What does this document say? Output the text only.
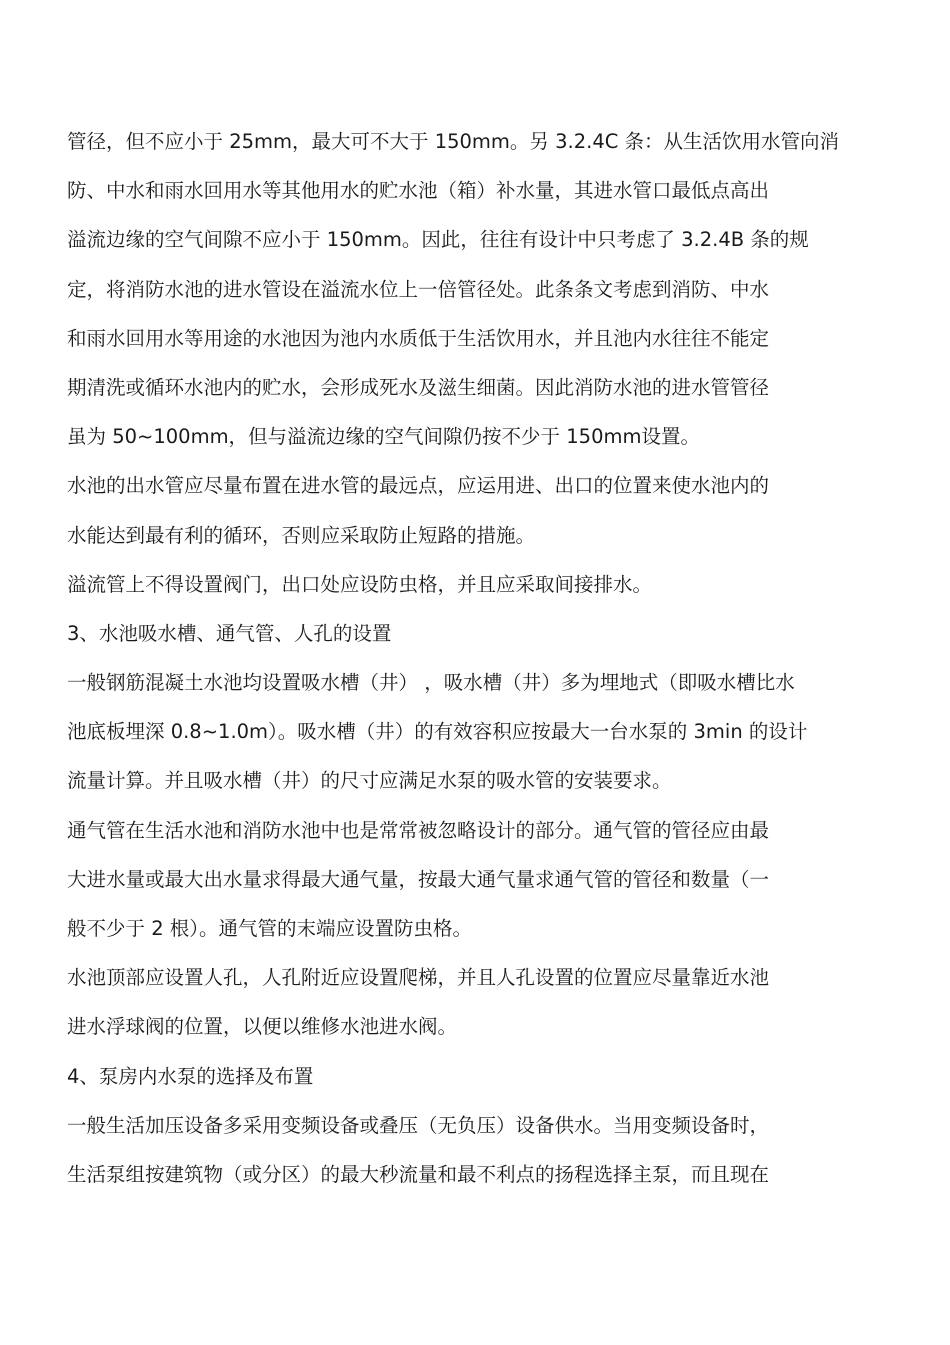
管径，但不应小于 25mm，最大可不大于 150mm。另 3.2.4C 条：从生活饮用水管向消
防、中水和雨水回用水等其他用水的贮水池（箱）补水量，其进水管口最低点高出
溢流边缘的空气间隙不应小于 150mm。因此，往往有设计中只考虑了 3.2.4B 条的规
定，将消防水池的进水管设在溢流水位上一倍管径处。此条条文考虑到消防、中水
和雨水回用水等用途的水池因为池内水质低于生活饮用水，并且池内水往往不能定
期清洗或循环水池内的贮水，会形成死水及滋生细菌。因此消防水池的进水管管径
虽为 50~100mm，但与溢流边缘的空气间隙仍按不少于 150mm设置。
水池的出水管应尽量布置在进水管的最远点，应运用进、出口的位置来使水池内的
水能达到最有利的循环，否则应采取防止短路的措施。
溢流管上不得设置阀门，出口处应设防虫格，并且应采取间接排水。
3、水池吸水槽、通气管、人孔的设置
一般钢筋混凝土水池均设置吸水槽（井） ，吸水槽（井）多为埋地式（即吸水槽比水
池底板埋深 0.8~1.0m）。吸水槽（井）的有效容积应按最大一台水泵的 3min 的设计
流量计算。并且吸水槽（井）的尺寸应满足水泵的吸水管的安装要求。
通气管在生活水池和消防水池中也是常常被忽略设计的部分。通气管的管径应由最
大进水量或最大出水量求得最大通气量，按最大通气量求通气管的管径和数量（一
般不少于 2 根）。通气管的末端应设置防虫格。
水池顶部应设置人孔，人孔附近应设置爬梯，并且人孔设置的位置应尽量靠近水池
进水浮球阀的位置，以便以维修水池进水阀。
4、泵房内水泵的选择及布置
一般生活加压设备多采用变频设备或叠压（无负压）设备供水。当用变频设备时，
生活泵组按建筑物（或分区）的最大秒流量和最不利点的扬程选择主泵，而且现在
